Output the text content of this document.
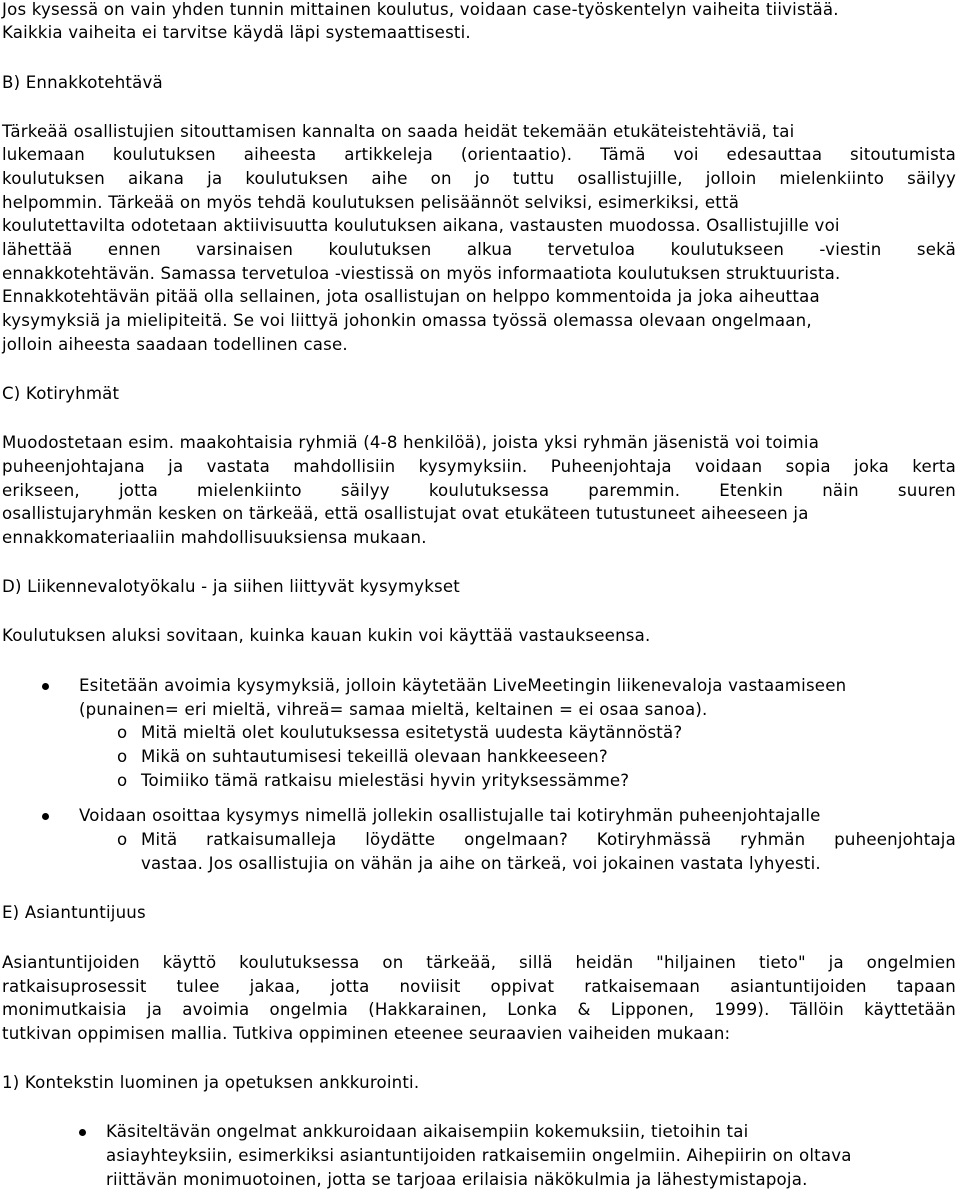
Jos kysessä on vain yhden tunnin mittainen koulutus, voidaan case-työskentelyn vaiheita tiivistää.
Kaikkia vaiheita ei tarvitse käydä läpi systemaattisesti.
B) Ennakkotehtävä
Tärkeää osallistujien sitouttamisen kannalta on saada heidät tekemään etukäteistehtäviä, tai
lukemaan koulutuksen aiheesta artikkeleja (orientaatio). Tämä voi edesauttaa sitoutumista
koulutuksen aikana ja koulutuksen aihe on jo tuttu osallistujille, jolloin mielenkiinto säilyy
helpommin. Tärkeää on myös tehdä koulutuksen pelisäännöt selviksi, esimerkiksi, että
koulutettavilta odotetaan aktiivisuutta koulutuksen aikana, vastausten muodossa. Osallistujille voi
lähettää ennen varsinaisen koulutuksen alkua tervetuloa koulutukseen -viestin sekä
ennakkotehtävän. Samassa tervetuloa -viestissä on myös informaatiota koulutuksen struktuurista.
Ennakkotehtävän pitää olla sellainen, jota osallistujan on helppo kommentoida ja joka aiheuttaa
kysymyksiä ja mielipiteitä. Se voi liittyä johonkin omassa työssä olemassa olevaan ongelmaan,
jolloin aiheesta saadaan todellinen case.
C) Kotiryhmät
Muodostetaan esim. maakohtaisia ryhmiä (4-8 henkilöä), joista yksi ryhmän jäsenistä voi toimia
puheenjohtajana ja vastata mahdollisiin kysymyksiin. Puheenjohtaja voidaan sopia joka kerta
erikseen, jotta mielenkiinto säilyy koulutuksessa paremmin. Etenkin näin suuren
osallistujaryhmän kesken on tärkeää, että osallistujat ovat etukäteen tutustuneet aiheeseen ja
ennakkomateriaaliin mahdollisuuksiensa mukaan.
D) Liikennevalotyökalu - ja siihen liittyvät kysymykset
Koulutuksen aluksi sovitaan, kuinka kauan kukin voi käyttää vastaukseensa.
Esitetään avoimia kysymyksiä, jolloin käytetään LiveMeetingin liikenevaloja vastaamiseen
(punainen= eri mieltä, vihreä= samaa mieltä, keltainen = ei osaa sanoa).
o Mitä mieltä olet koulutuksessa esitetystä uudesta käytännöstä?
o Mikä on suhtautumisesi tekeillä olevaan hankkeeseen?
o Toimiiko tämä ratkaisu mielestäsi hyvin yrityksessämme?
Voidaan osoittaa kysymys nimellä jollekin osallistujalle tai kotiryhmän puheenjohtajalle
o Mitä ratkaisumalleja löydätte ongelmaan? Kotiryhmässä ryhmän puheenjohtaja
vastaa. Jos osallistujia on vähän ja aihe on tärkeä, voi jokainen vastata lyhyesti.
E) Asiantuntijuus
Asiantuntijoiden käyttö koulutuksessa on tärkeää, sillä heidän "hiljainen tieto" ja ongelmien
ratkaisuprosessit tulee jakaa, jotta noviisit oppivat ratkaisemaan asiantuntijoiden tapaan
monimutkaisia ja avoimia ongelmia (Hakkarainen, Lonka & Lipponen, 1999). Tällöin käyttetään
tutkivan oppimisen mallia. Tutkiva oppiminen eteenee seuraavien vaiheiden mukaan:
1) Kontekstin luominen ja opetuksen ankkurointi.
Käsiteltävän ongelmat ankkuroidaan aikaisempiin kokemuksiin, tietoihin tai
asiayhteyksiin, esimerkiksi asiantuntijoiden ratkaisemiin ongelmiin. Aihepiirin on oltava
riittävän monimuotoinen, jotta se tarjoaa erilaisia näkökulmia ja lähestymistapoja.
